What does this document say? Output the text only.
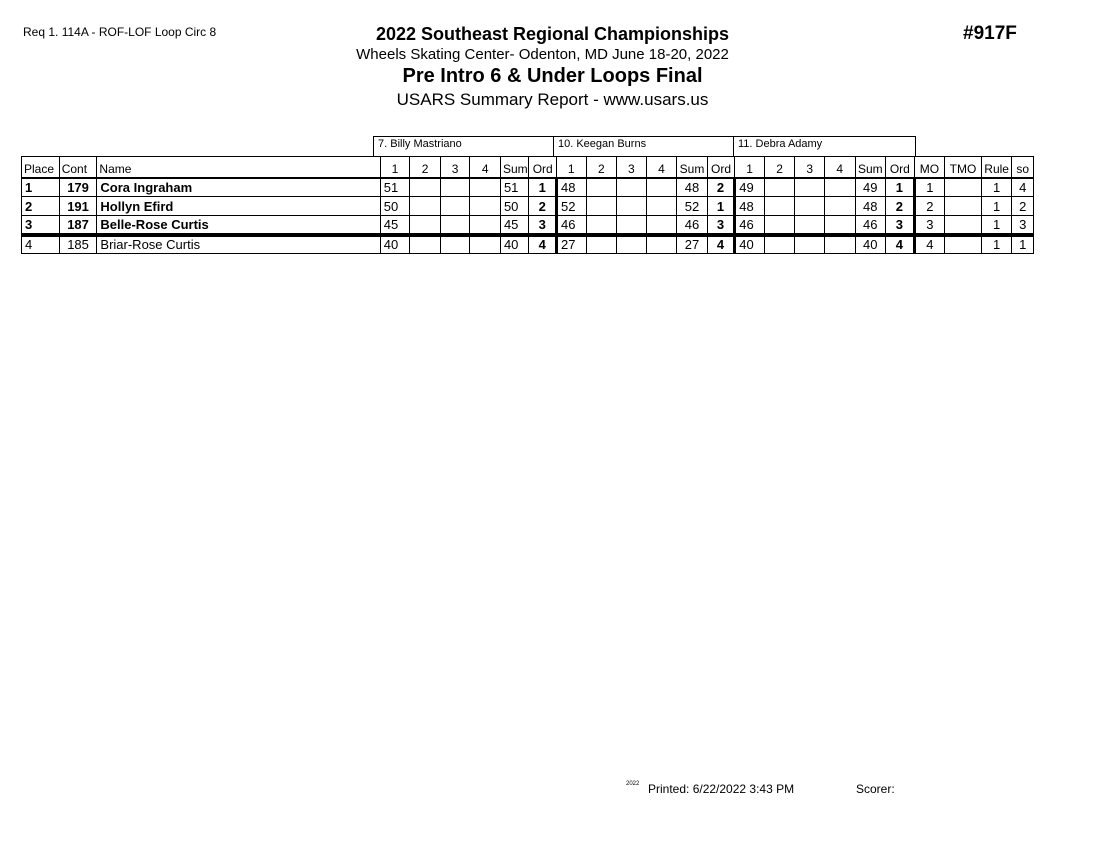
Req 1. 114A - ROF-LOF Loop Circ 8	2022 Southeast Regional Championships
Wheels Skating Center- Odenton, MD June 18-20, 2022
Pre Intro 6 & Under Loops Final
USARS Summary Report - www.usars.us
#917F
7. Billy Mastriano	10. Keegan Burns	11. Debra Adamy
Place	Cont	Name	1	2	3	4	Sum	Ord	1	2	3	4	Sum	Ord	1	2	3	4	Sum	Ord	MO	TMO	Rule	so
1	179	Cora Ingraham	51				51	1	48				48	2	49				49	1	1		1	4
2	191	Hollyn Efird	50				50	2	52				52	1	48				48	2	2		1	2
3	187	Belle-Rose Curtis	45				45	3	46				46	3	46				46	3	3		1	3
4	185	Briar-Rose Curtis	40				40	4	27				27	4	40				40	4	4		1	1
2022 Printed: 6/22/2022 3:43 PM	Scorer:
